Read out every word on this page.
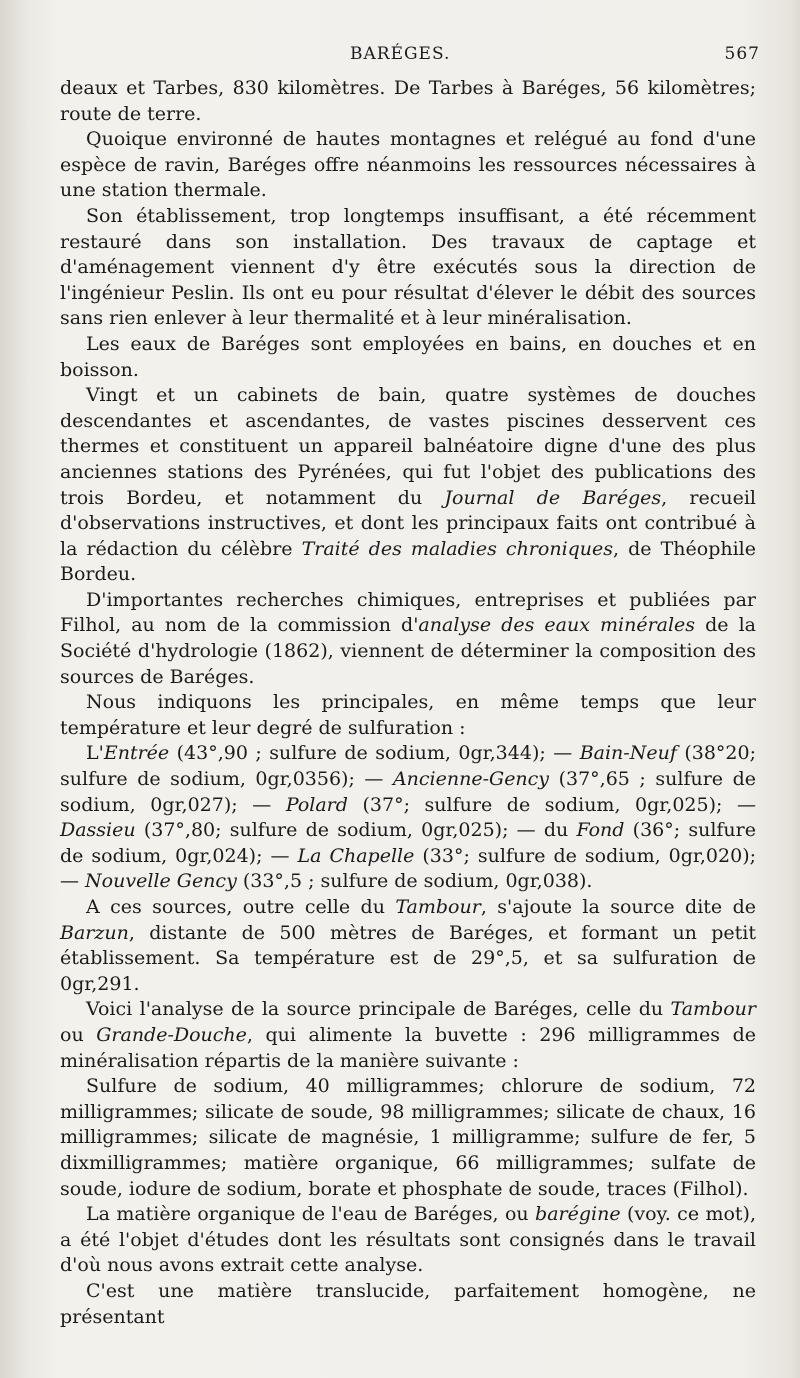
BARÉGES.	567

deaux et Tarbes, 830 kilomètres. De Tarbes à Baréges, 56 kilomètres; route de terre.

Quoique environné de hautes montagnes et relégué au fond d'une espèce de ravin, Baréges offre néanmoins les ressources nécessaires à une station thermale.

Son établissement, trop longtemps insuffisant, a été récemment restauré dans son installation. Des travaux de captage et d'aménagement viennent d'y être exécutés sous la direction de l'ingénieur Peslin. Ils ont eu pour résultat d'élever le débit des sources sans rien enlever à leur thermalité et à leur minéralisation.

Les eaux de Baréges sont employées en bains, en douches et en boisson.

Vingt et un cabinets de bain, quatre systèmes de douches descendantes et ascendantes, de vastes piscines desservent ces thermes et constituent un appareil balnéatoire digne d'une des plus anciennes stations des Pyrénées, qui fut l'objet des publications des trois Bordeu, et notamment du Journal de Baréges, recueil d'observations instructives, et dont les principaux faits ont contribué à la rédaction du célèbre Traité des maladies chroniques, de Théophile Bordeu.

D'importantes recherches chimiques, entreprises et publiées par Filhol, au nom de la commission d'analyse des eaux minérales de la Société d'hydrologie (1862), viennent de déterminer la composition des sources de Baréges.

Nous indiquons les principales, en même temps que leur température et leur degré de sulfuration :

L'Entrée (43°,90 ; sulfure de sodium, 0gr,344); — Bain-Neuf (38°20; sulfure de sodium, 0gr,0356); — Ancienne-Gency (37°,65 ; sulfure de sodium, 0gr,027); — Polard (37°; sulfure de sodium, 0gr,025); — Dassieu (37°,80; sulfure de sodium, 0gr,025); — du Fond (36°; sulfure de sodium, 0gr,024); — La Chapelle (33°; sulfure de sodium, 0gr,020); — Nouvelle Gency (33°,5 ; sulfure de sodium, 0gr,038).

A ces sources, outre celle du Tambour, s'ajoute la source dite de Barzun, distante de 500 mètres de Baréges, et formant un petit établissement. Sa température est de 29°,5, et sa sulfuration de 0gr,291.

Voici l'analyse de la source principale de Baréges, celle du Tambour ou Grande-Douche, qui alimente la buvette : 296 milligrammes de minéralisation répartis de la manière suivante :

Sulfure de sodium, 40 milligrammes; chlorure de sodium, 72 milligrammes; silicate de soude, 98 milligrammes; silicate de chaux, 16 milligrammes; silicate de magnésie, 1 milligramme; sulfure de fer, 5 dixmilligrammes; matière organique, 66 milligrammes; sulfate de soude, iodure de sodium, borate et phosphate de soude, traces (Filhol).

La matière organique de l'eau de Baréges, ou barégine (voy. ce mot), a été l'objet d'études dont les résultats sont consignés dans le travail d'où nous avons extrait cette analyse.

C'est une matière translucide, parfaitement homogène, ne présentant
